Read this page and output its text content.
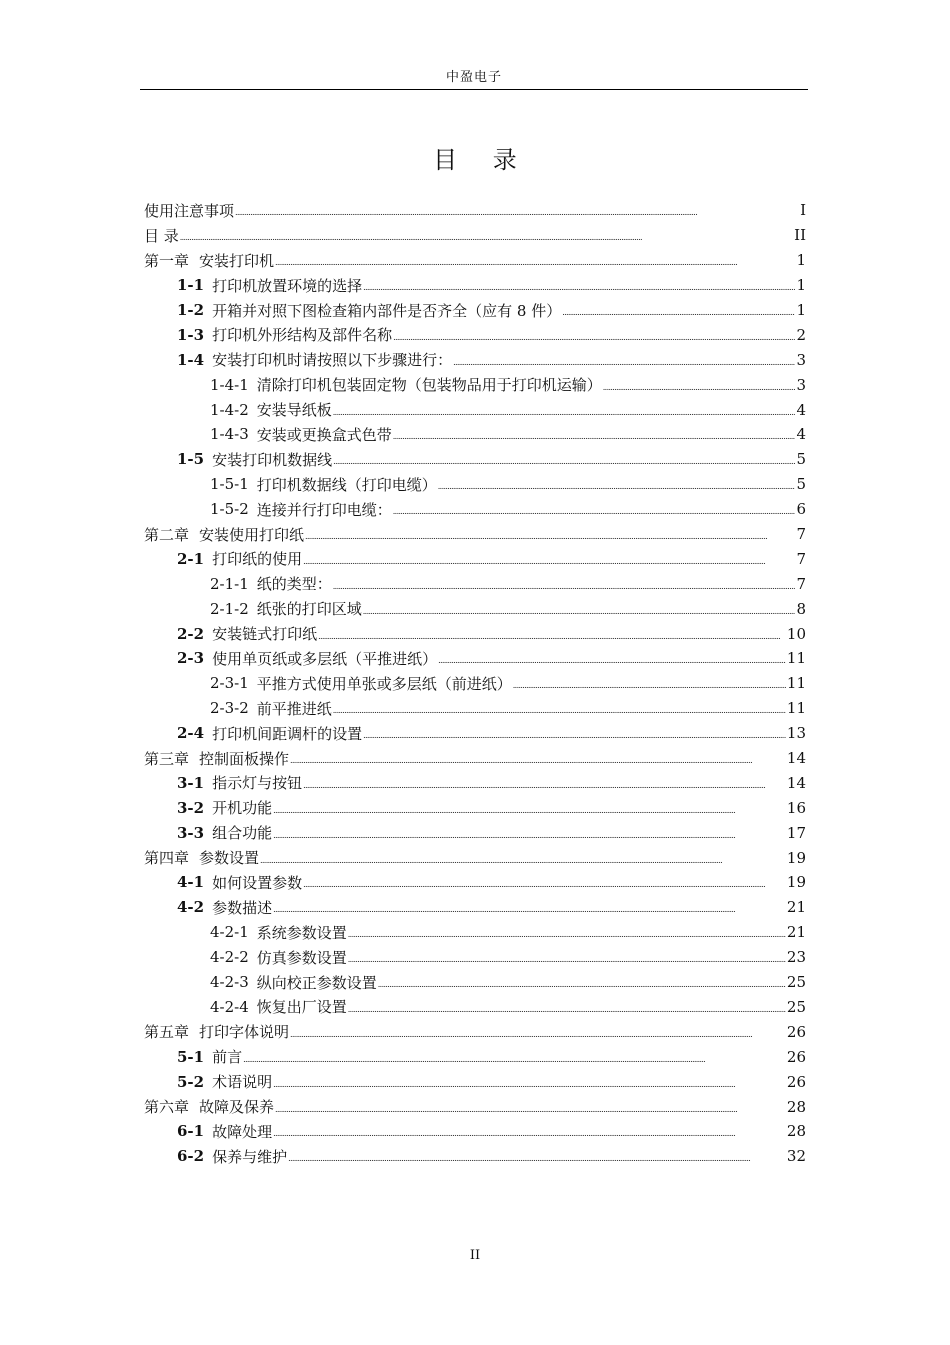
中盈电子
目 录
使用注意事项 . . .	I
目 录 . . .	II
第一章 安装打印机 . . .	1
1-1 打印机放置环境的选择 . . .	1
1-2 开箱并对照下图检查箱内部件是否齐全（应有 8 件） . . .	1
1-3 打印机外形结构及部件名称 . . .	2
1-4 安装打印机时请按照以下步骤进行： . . .	3
1-4-1 清除打印机包装固定物（包装物品用于打印机运输） . . .	3
1-4-2 安装导纸板 . . .	4
1-4-3 安装或更换盒式色带 . . .	4
1-5 安装打印机数据线 . . .	5
1-5-1 打印机数据线（打印电缆） . . .	5
1-5-2 连接并行打印电缆： . . .	6
第二章 安装使用打印纸 . . .	7
2-1 打印纸的使用 . . .	7
2-1-1 纸的类型： . . .	7
2-1-2 纸张的打印区域 . . .	8
2-2 安装链式打印纸 . . .	10
2-3 使用单页纸或多层纸（平推进纸） . . .	11
2-3-1 平推方式使用单张或多层纸（前进纸） . . .	11
2-3-2 前平推进纸 . . .	11
2-4 打印机间距调杆的设置 . . .	13
第三章 控制面板操作 . . .	14
3-1 指示灯与按钮 . . .	14
3-2 开机功能 . . .	16
3-3 组合功能 . . .	17
第四章 参数设置 . . .	19
4-1 如何设置参数 . . .	19
4-2 参数描述 . . .	21
4-2-1 系统参数设置 . . .	21
4-2-2 仿真参数设置 . . .	23
4-2-3 纵向校正参数设置 . . .	25
4-2-4 恢复出厂设置 . . .	25
第五章 打印字体说明 . . .	26
5-1 前言 . . .	26
5-2 术语说明 . . .	26
第六章 故障及保养 . . .	28
6-1 故障处理 . . .	28
6-2 保养与维护 . . .	32
II
